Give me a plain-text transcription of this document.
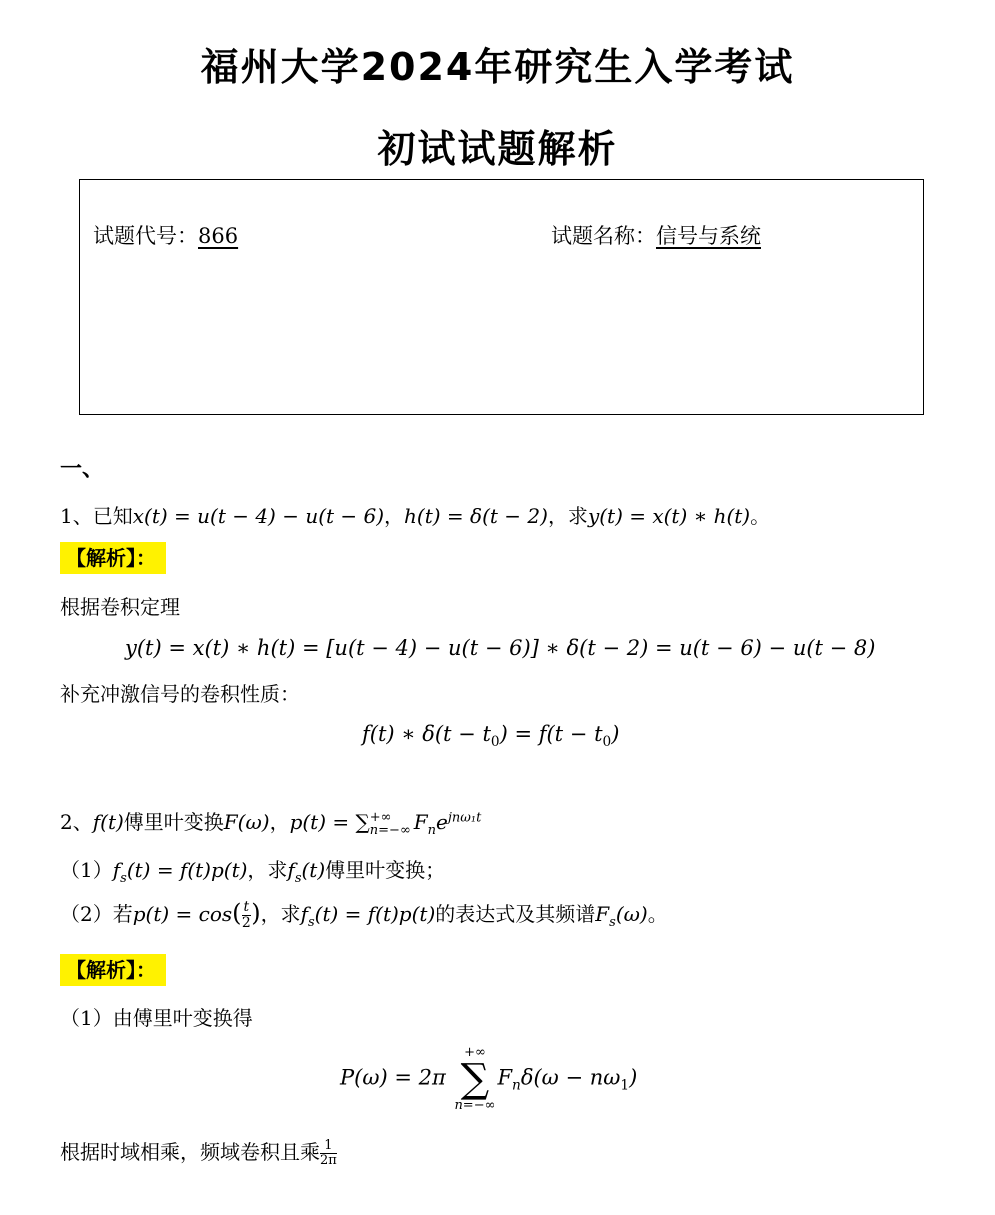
福州大学2024年研究生入学考试
初试试题解析
试题代号：866	试题名称：信号与系统
一、
1、已知x(t) = u(t − 4) − u(t − 6)，h(t) = δ(t − 2)，求y(t) = x(t) ∗ h(t)。
【解析】：
根据卷积定理
y(t) = x(t) ∗ h(t) = [u(t − 4) − u(t − 6)] ∗ δ(t − 2) = u(t − 6) − u(t − 8)
补充冲激信号的卷积性质：
f(t) ∗ $\delta(t - t_0) = f(t - t_0)$
2、f(t)傅里叶变换F(ω)，p(t) = ∑ +∞
n=−∞ $F_ne^{jn\omega_1t}$
$(1)f_s(t) = f(t)p(t)$，求$f_s(t)$傅里叶变换；
（2）若$p(t) = \cos( \frac{t}{2}$ )，求$f_s(t) = f(t)p(t)$的表达式及其频谱$F_s(\omega)$。
【解析】：
（1）由傅里叶变换得
P(ω) = 2π
+∞
∑
n=−∞
$F_n\delta(\omega - n\omega_1)$
根据时域相乘，频域卷积且乘 $\frac{1}{2\pi}$
